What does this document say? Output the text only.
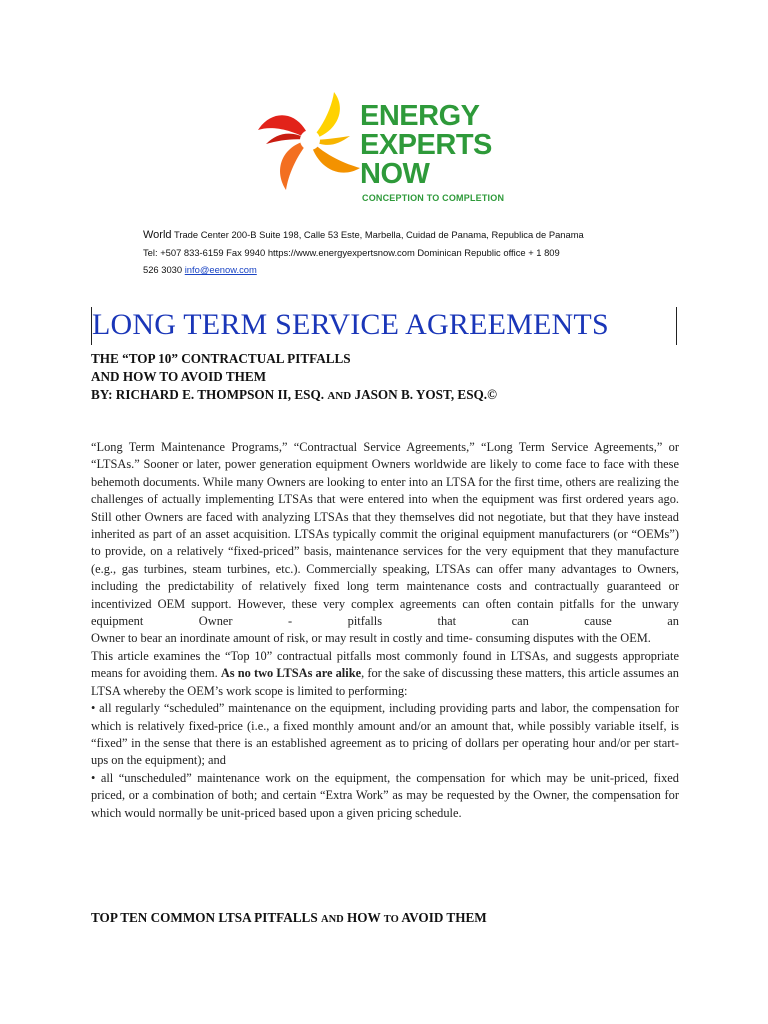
ENERGY
EXPERTS
NOW
CONCEPTION TO COMPLETION
World Trade Center 200-B Suite 198, Calle 53 Este, Marbella, Cuidad de Panama, Republica de Panama
Tel: +507 833-6159 Fax 9940 https://www.energyexpertsnow.com Dominican Republic office + 1 809
526 3030 info@eenow.com
LONG TERM SERVICE AGREEMENTS
THE “TOP 10” CONTRACTUAL PITFALLS
AND HOW TO AVOID THEM
BY: RICHARD E. THOMPSON II, ESQ. AND JASON B. YOST, ESQ.©

“Long Term Maintenance Programs,” “Contractual Service Agreements,” “Long Term Service Agreements,” or “LTSAs.” Sooner or later, power generation equipment Owners worldwide are likely to come face to face with these behemoth documents. While many Owners are looking to enter into an LTSA for the first time, others are realizing the challenges of actually implementing LTSAs that were entered into when the equipment was first ordered years ago. Still other Owners are faced with analyzing LTSAs that they themselves did not negotiate, but that they have instead inherited as part of an asset acquisition. LTSAs typically commit the original equipment manufacturers (or “OEMs”) to provide, on a relatively “fixed-priced” basis, maintenance services for the very equipment that they manufacture (e.g., gas turbines, steam turbines, etc.). Commercially speaking, LTSAs can offer many advantages to Owners, including the predictability of relatively fixed long term maintenance costs and contractually guaranteed or incentivized OEM support. However, these very complex agreements can often contain pitfalls for the unwary equipment Owner - pitfalls that can cause an

Owner to bear an inordinate amount of risk, or may result in costly and time- consuming disputes with the OEM.

This article examines the “Top 10” contractual pitfalls most commonly found in LTSAs, and suggests appropriate means for avoiding them. As no two LTSAs are alike, for the sake of discussing these matters, this article assumes an LTSA whereby the OEM’s work scope is limited to performing:

• all regularly “scheduled” maintenance on the equipment, including providing parts and labor, the compensation for which is relatively fixed-price (i.e., a fixed monthly amount and/or an amount that, while possibly variable itself, is “fixed” in the sense that there is an established agreement as to pricing of dollars per operating hour and/or per start-ups on the equipment); and

• all “unscheduled” maintenance work on the equipment, the compensation for which may be unit-priced, fixed priced, or a combination of both; and certain “Extra Work” as may be requested by the Owner, the compensation for which would normally be unit-priced based upon a given pricing schedule.

TOP TEN COMMON LTSA PITFALLS AND HOW TO AVOID THEM
